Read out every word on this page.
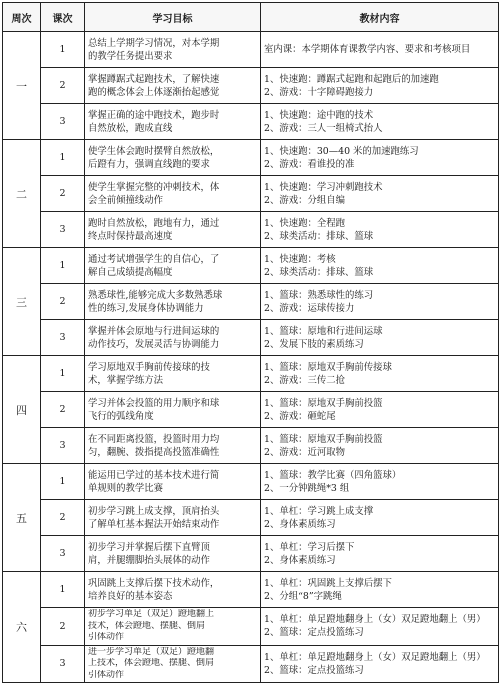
周次	课次	学习目标	教材内容
一	1	总结上学期学习情况，对本学期
的教学任务提出要求	室内课：本学期体育课教学内容、要求和考核项目

	2	掌握蹲踞式起跑技术，了解快速
跑的概念体会上体逐渐抬起感觉	1、快速跑：蹲踞式起跑和起跑后的加速跑
2、游戏：十字障碍跑接力

	3	掌握正确的途中跑技术，跑步时
自然放松，跑成直线	1、快速跑：途中跑的技术
2、游戏：三人一组椅式抬人

二	1	使学生体会跑时摆臂自然放松，
后蹬有力，强调直线跑的要求	1、快速跑：30—40 米的加速跑练习
2、游戏：看谁投的准

	2	使学生掌握完整的冲刺技术，体
会全前倾撞线动作	1、快速跑：学习冲刺跑技术
2、游戏：分组自编

	3	跑时自然放松，跑地有力，通过
终点时保持最高速度	1、快速跑：全程跑
2、球类活动：排球、篮球

三	1	通过考试增强学生的自信心，了
解自己成绩提高幅度	1、快速跑：考核
2、球类活动：排球、篮球

	2	熟悉球性,能够完成大多数熟悉球
性的练习,发展身体协调能力	1、篮球：熟悉球性的练习
2、游戏：运球传接力

	3	掌握并体会原地与行进间运球的
动作技巧，发展灵活与协调能力	1、篮球：原地和行进间运球
2、发展下肢的素质练习

四	1	学习原地双手胸前传接球的技
术，掌握学练方法	1、篮球：原地双手胸前传接球
2、游戏：三传二抢

	2	学习并体会投篮的用力顺序和球
飞行的弧线角度	1、篮球：原地双手胸前投篮
2、游戏：砸蛇尾

	3	在不同距离投篮，投篮时用力均
匀，翻腕、拨指提高投篮准确性	1、篮球：原地双手胸前投篮
2、游戏：近河取物

五	1	能运用已学过的基本技术进行简
单规则的教学比赛	1、篮球：教学比赛（四角篮球）
2、一分钟跳绳*3 组

	2	初步学习跳上成支撑，顶肩抬头
了解单杠基本握法开始结束动作	1、单杠：学习跳上成支撑
2、身体素质练习

	3	初步学习并掌握后摆下直臂顶
肩，并腿绷脚抬头展体的动作	1、单杠：学习后摆下
2、身体素质练习

六	1	巩固跳上支撑后摆下技术动作，
培养良好的基本姿态	1、单杠：巩固跳上支撑后摆下
2、分组“8”字跳绳

	2	初步学习单足（双足）蹬地翻上
技术，体会蹬地、摆腿、倒肩
引体动作	1、单杠：单足蹬地翻身上（女）双足蹬地翻上（男）
2、篮球：定点投篮练习

	3	进一步学习单足（双足）蹬地翻
上技术，体会蹬地、摆腿、倒肩
引体动作	1、单杠：单足蹬地翻身上（女）双足蹬地翻上（男）
2、篮球：定点投篮练习
